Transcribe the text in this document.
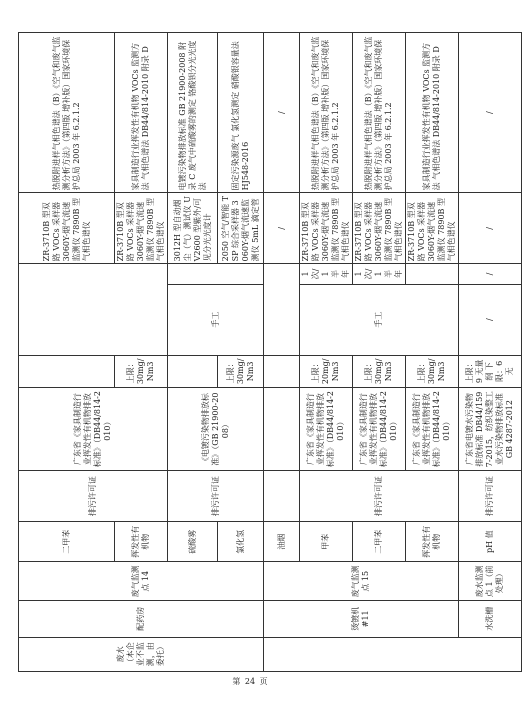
废水（本企业不监测，由委托）	配药房	废气监测点 14	二甲苯	排污许可证	广东省《家具制造行业挥发性有机物排放标准》（DB44/814-2010）				ZR-3710B 型双路 VOCs 采样器 3060Y-烟气流速监测仪 7890B 型 气相色谱仪	热脱附进样气相色谱法（B）《空气和废气监测分析方法》（第四版 增补版）国家环境保护总局 2003 年 6.2.1.2
			挥发性有机物			上限：30mg/Nm3			ZR-3710B 型双路 VOCs 采样器 3060Y-烟气流速监测仪 7890B 型 气相色谱仪	家具制造行业挥发性有机物 VOCs 监测方法 气相色谱法 DB44/814-2010 附录 D
			硫酸雾	排污许可证	《电镀污染物排放标准》（GB 21900-2008）		手工		3012H 型自动烟尘（气）测试仪 UV2600 型紫外/可见分光光度计	电镀污染物排放标准 GB 21900-2008 附录 C 废气中硫酸雾的测定 铬酸钡分光光度法
			氯化氢			上限：30mg/Nm3			2050 空气/智能 TSP 综合采样器 3060Y-烟气流速监测仪 5mL 滴定管	固定污染源废气 氯化氢测定 硝酸银容量法 HJ548-2016
	烫镀机 #11	废气监测点 15	油烟						/	/
			甲苯	排污许可证	广东省《家具制造行业挥发性有机物排放标准》（DB44/814-2010）	上限：20mg/Nm3	手工	1 次/1 半年	ZR-3710B 型双路 VOCs 采样器 3060Y-烟气流速监测仪 7890B 型 气相色谱仪	热脱附进样气相色谱法（B）《空气和废气监测分析方法》（第四版 增补版）国家环境保护总局 2003 年 6.2.1.2
			二甲苯		广东省《家具制造行业挥发性有机物排放标准》（DB44/814-2010）	上限：30mg/Nm3		1 次/1 半年	ZR-3710B 型双路 VOCs 采样器 3060Y-烟气流速监测仪 7890B 型 气相色谱仪	热脱附进样气相色谱法（B）《空气和废气监测分析方法》（第四版 增补版）国家环境保护总局 2003 年 6.2.1.2
			挥发性有机物		广东省《家具制造行业挥发性有机物排放标准》（DB44/814-2010）	上限：30mg/Nm3			ZR-3710B 型双路 VOCs 采样器 3060Y-烟气流速监测仪 7890B 型 气相色谱仪	家具制造行业挥发性有机物 VOCs 监测方法 气相色谱法 DB44/814-2010 附录 D
	水洗槽	废水监测点 1（前处理）	pH 值	排污许可证	广东省电镀水污染物排放标准 DB44/1597-2015，纺织染整工业水污染物排放标准 GB 4287-2012	上限：9 无量纲 下限：6 无	/	/	/	/
第 24 页
